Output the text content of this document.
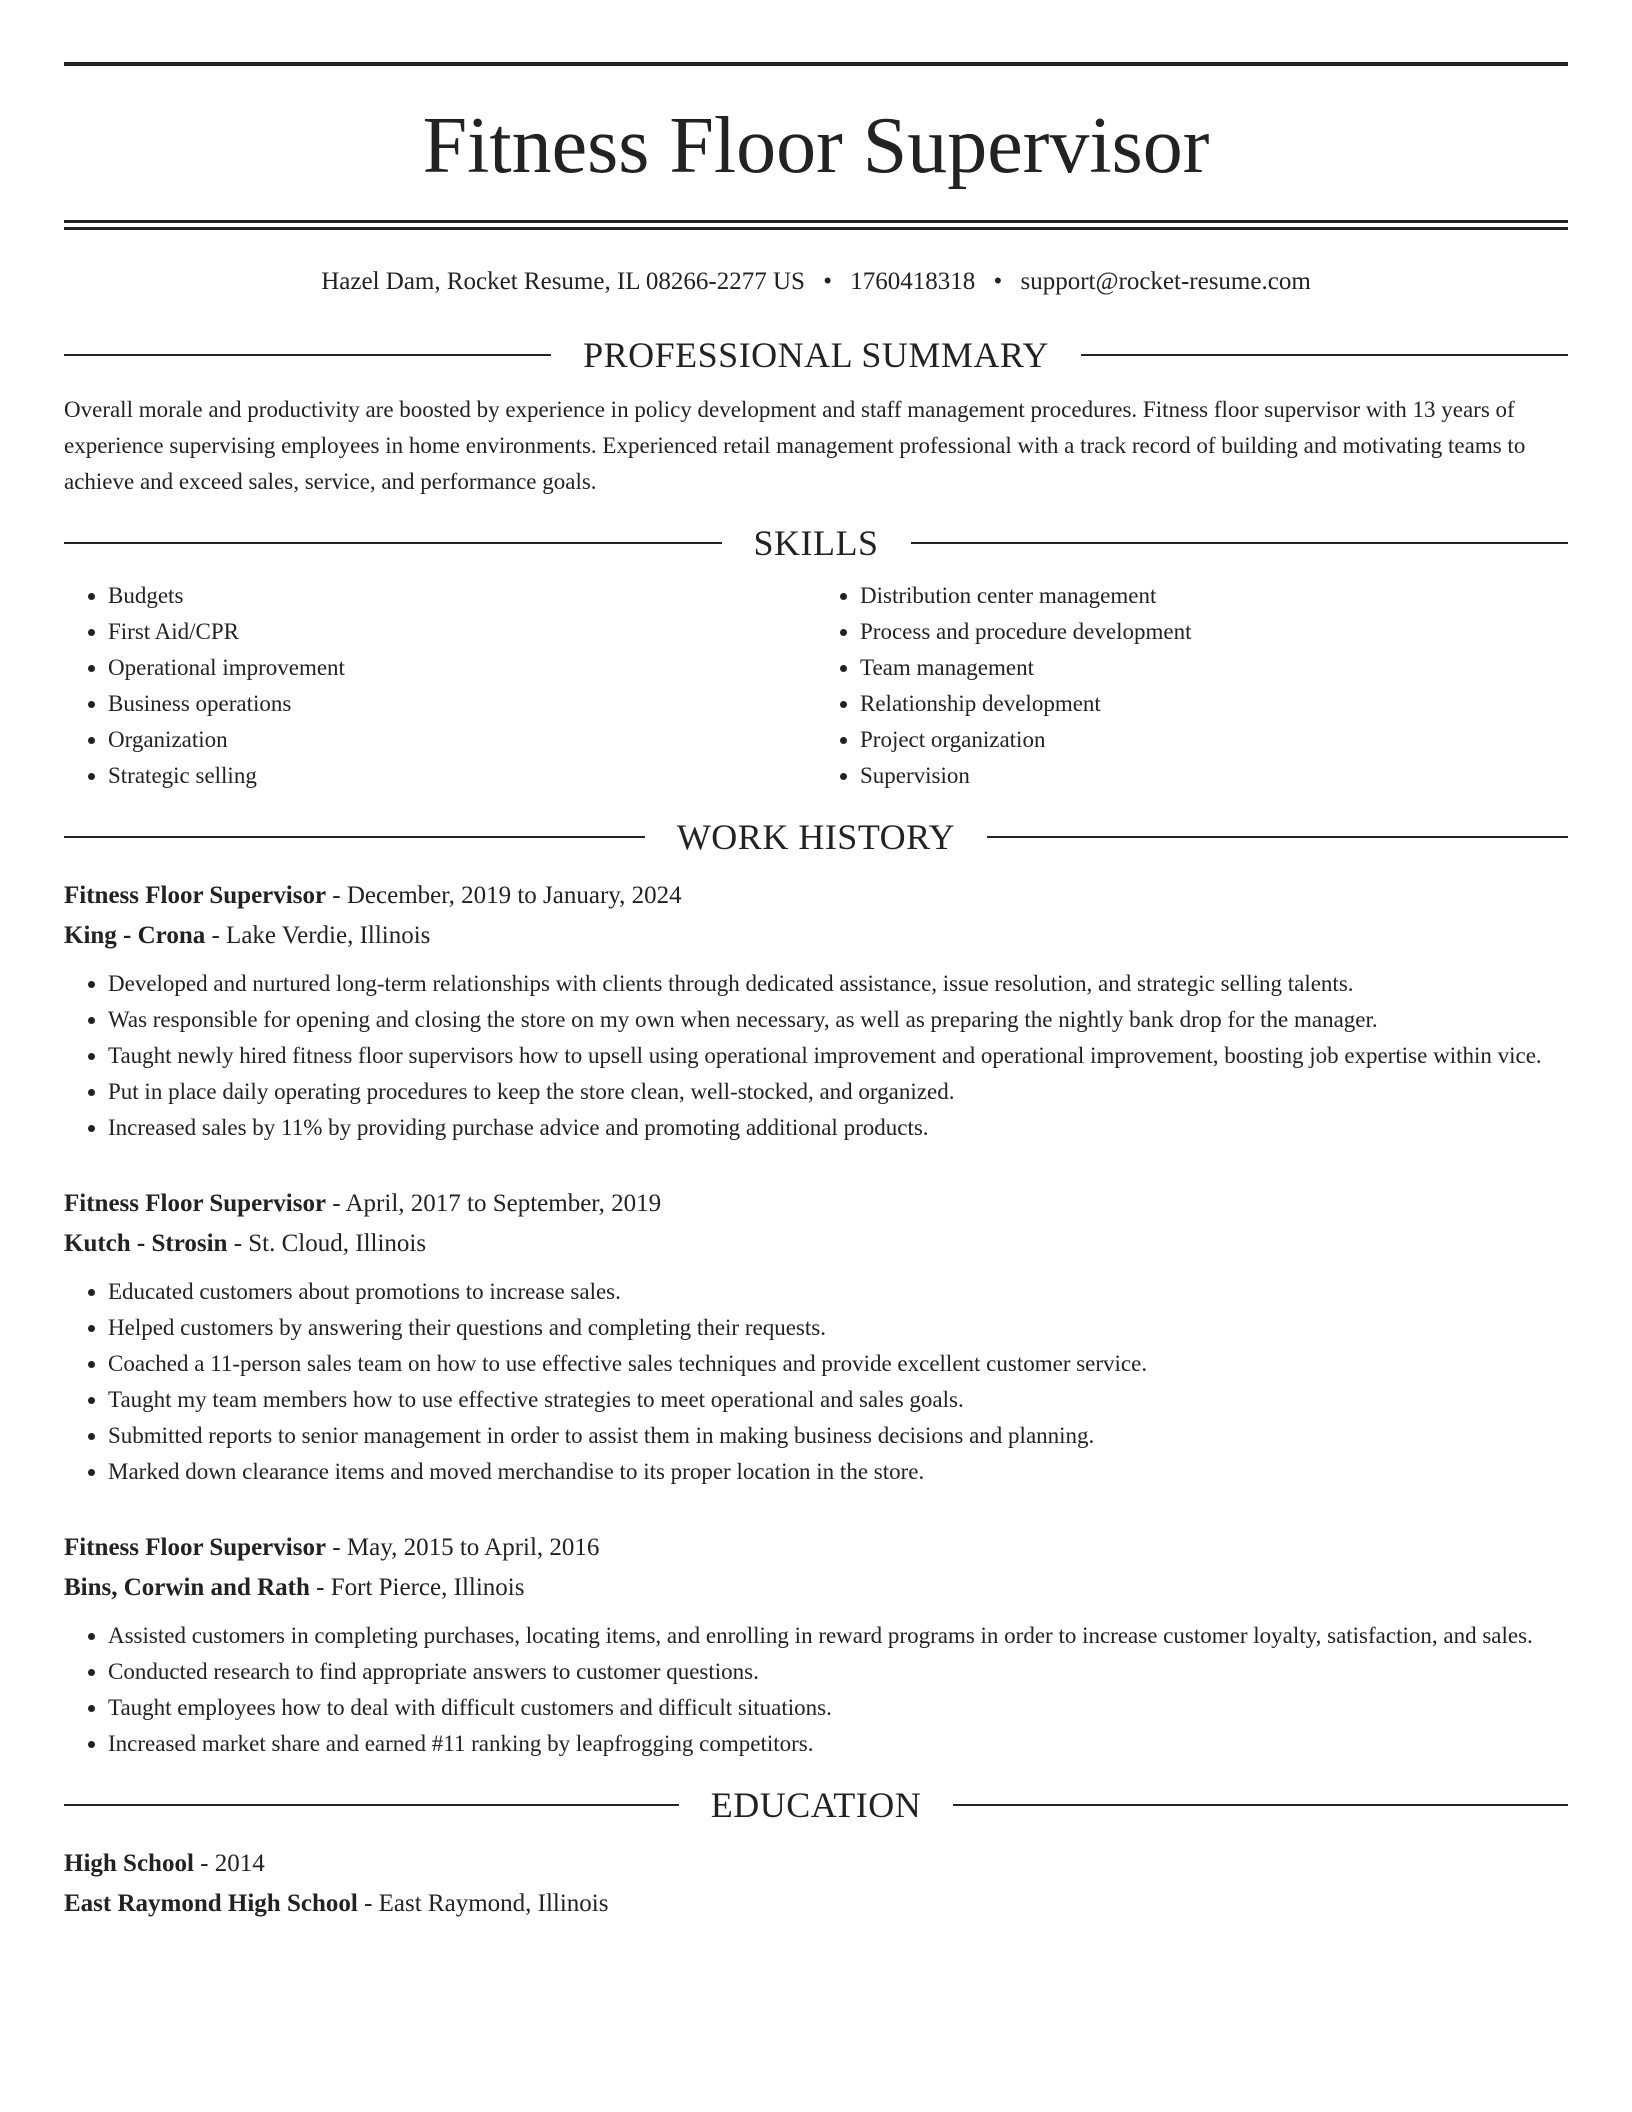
Fitness Floor Supervisor
Hazel Dam, Rocket Resume, IL 08266-2277 US • 1760418318 • support@rocket-resume.com
PROFESSIONAL SUMMARY
Overall morale and productivity are boosted by experience in policy development and staff management procedures. Fitness floor supervisor with 13 years of experience supervising employees in home environments. Experienced retail management professional with a track record of building and motivating teams to achieve and exceed sales, service, and performance goals.
SKILLS
• Budgets
• First Aid/CPR
• Operational improvement
• Business operations
• Organization
• Strategic selling
• Distribution center management
• Process and procedure development
• Team management
• Relationship development
• Project organization
• Supervision
WORK HISTORY
Fitness Floor Supervisor - December, 2019 to January, 2024
King - Crona - Lake Verdie, Illinois
• Developed and nurtured long-term relationships with clients through dedicated assistance, issue resolution, and strategic selling talents.
• Was responsible for opening and closing the store on my own when necessary, as well as preparing the nightly bank drop for the manager.
• Taught newly hired fitness floor supervisors how to upsell using operational improvement and operational improvement, boosting job expertise within vice.
• Put in place daily operating procedures to keep the store clean, well-stocked, and organized.
• Increased sales by 11% by providing purchase advice and promoting additional products.
Fitness Floor Supervisor - April, 2017 to September, 2019
Kutch - Strosin - St. Cloud, Illinois
• Educated customers about promotions to increase sales.
• Helped customers by answering their questions and completing their requests.
• Coached a 11-person sales team on how to use effective sales techniques and provide excellent customer service.
• Taught my team members how to use effective strategies to meet operational and sales goals.
• Submitted reports to senior management in order to assist them in making business decisions and planning.
• Marked down clearance items and moved merchandise to its proper location in the store.
Fitness Floor Supervisor - May, 2015 to April, 2016
Bins, Corwin and Rath - Fort Pierce, Illinois
• Assisted customers in completing purchases, locating items, and enrolling in reward programs in order to increase customer loyalty, satisfaction, and sales.
• Conducted research to find appropriate answers to customer questions.
• Taught employees how to deal with difficult customers and difficult situations.
• Increased market share and earned #11 ranking by leapfrogging competitors.
EDUCATION
High School - 2014
East Raymond High School - East Raymond, Illinois
